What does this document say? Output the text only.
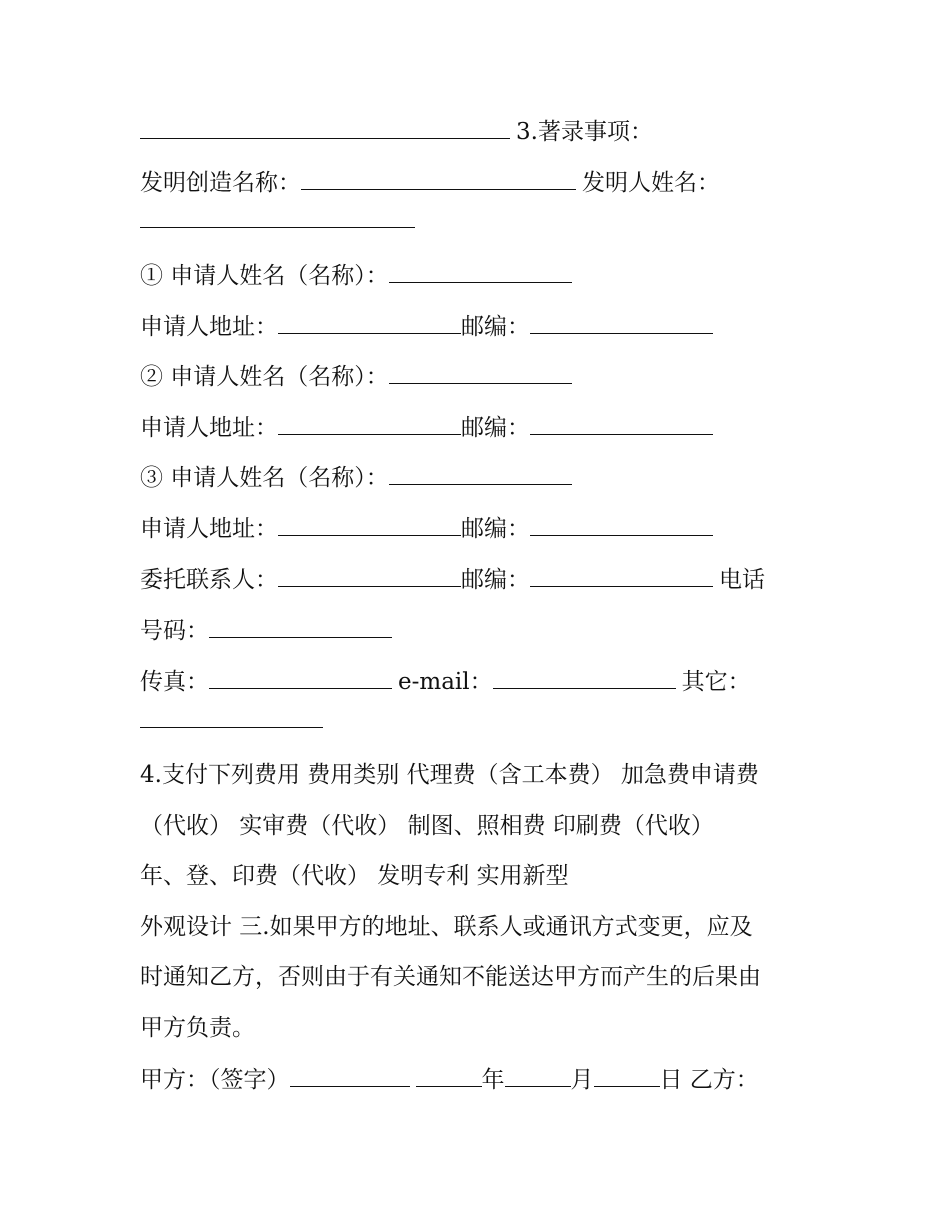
3.著录事项：
发明创造名称：	发明人姓名：
① 申请人姓名（名称）：
申请人地址：	邮编：
② 申请人姓名（名称）：
申请人地址：	邮编：
③ 申请人姓名（名称）：
申请人地址：	邮编：
委托联系人：	邮编：	电话
号码：
传真：	e-mail：	其它：
4.支付下列费用 费用类别 代理费（含工本费） 加急费申请费
（代收） 实审费（代收） 制图、照相费 印刷费（代收）
年、登、印费（代收） 发明专利 实用新型
外观设计 三.如果甲方的地址、联系人或通讯方式变更，应及
时通知乙方，否则由于有关通知不能送达甲方而产生的后果由
甲方负责。
甲方：（签字）	年	月	日 乙方：
